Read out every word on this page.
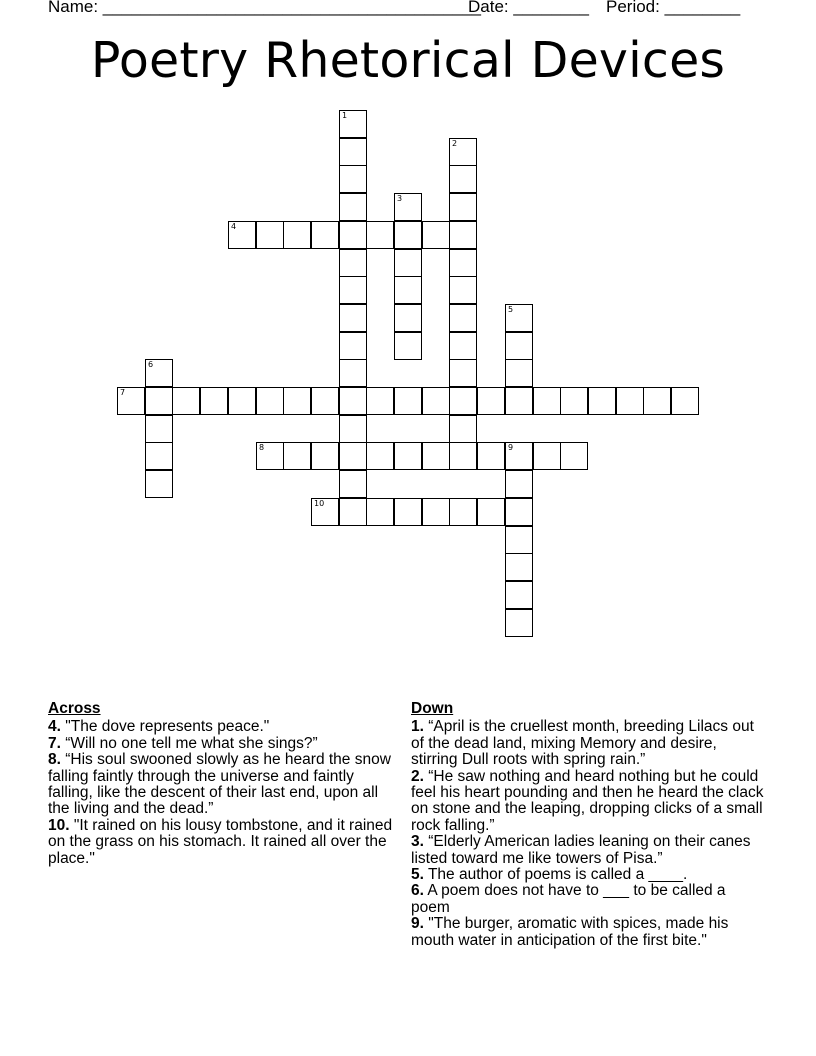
Name: ________________________________________
Date: ________ Period: ________
Poetry Rhetorical Devices
4
7
8	9
10
1
2
3
5
6
Across
4. "The dove represents peace."
7. “Will no one tell me what she sings?”
8. “His soul swooned slowly as he heard the snow falling faintly through the universe and faintly falling, like the descent of their last end, upon all the living and the dead.”
10. "It rained on his lousy tombstone, and it rained on the grass on his stomach. It rained all over the place."
Down
1. “April is the cruellest month, breeding Lilacs out of the dead land, mixing Memory and desire, stirring Dull roots with spring rain.”
2. “He saw nothing and heard nothing but he could feel his heart pounding and then he heard the clack on stone and the leaping, dropping clicks of a small rock falling.”
3. “Elderly American ladies leaning on their canes listed toward me like towers of Pisa.”
5. The author of poems is called a ____.
6. A poem does not have to ___ to be called a poem
9. "The burger, aromatic with spices, made his mouth water in anticipation of the first bite."
